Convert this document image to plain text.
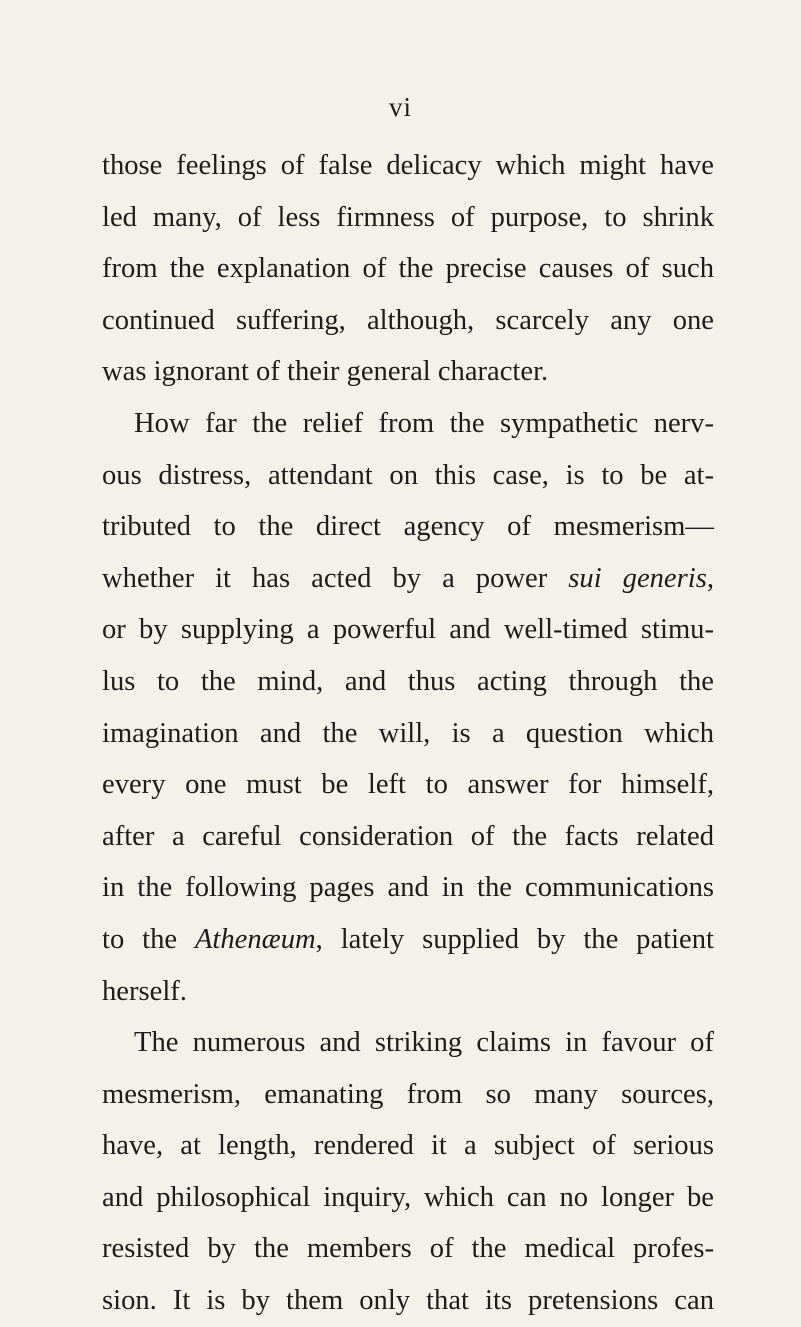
vi
those feelings of false delicacy which might have
led many, of less firmness of purpose, to shrink
from the explanation of the precise causes of such
continued suffering, although, scarcely any one
was ignorant of their general character.
How far the relief from the sympathetic nerv-
ous distress, attendant on this case, is to be at-
tributed to the direct agency of mesmerism—
whether it has acted by a power sui generis,
or by supplying a powerful and well-timed stimu-
lus to the mind, and thus acting through the
imagination and the will, is a question which
every one must be left to answer for himself,
after a careful consideration of the facts related
in the following pages and in the communications
to the Athenæum, lately supplied by the patient
herself.
The numerous and striking claims in favour of
mesmerism, emanating from so many sources,
have, at length, rendered it a subject of serious
and philosophical inquiry, which can no longer be
resisted by the members of the medical profes-
sion. It is by them only that its pretensions can
